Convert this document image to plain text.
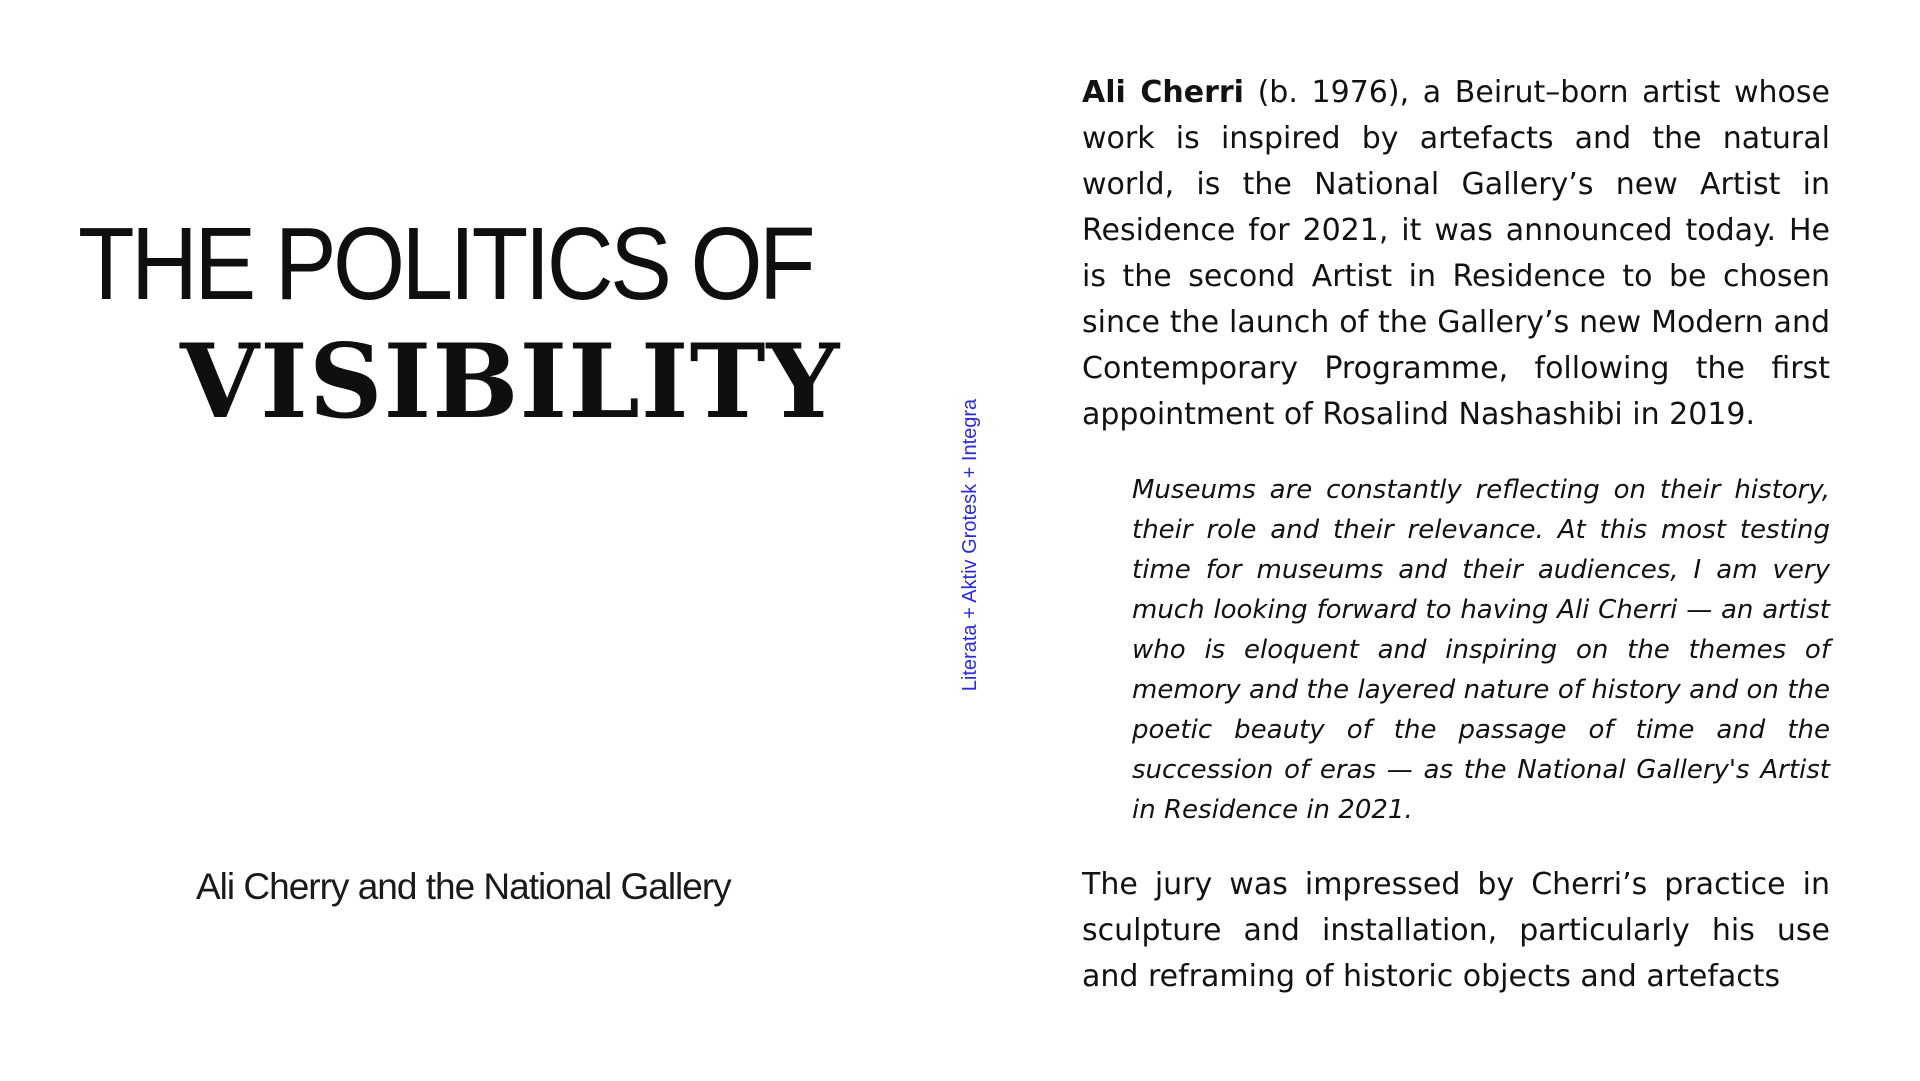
THE POLITICS OF
VISIBILITY
Ali Cherry and the National Gallery
Literata + Aktiv Grotesk + Integra

Ali Cherri (b. 1976), a Beirut–born artist whose work is inspired by artefacts and the natural world, is the National Gallery’s new Artist in Residence for 2021, it was announced today. He is the second Artist in Residence to be chosen since the launch of the Gallery’s new Modern and Contemporary Programme, following the first appointment of Rosalind Nashashibi in 2019.

Museums are constantly reflecting on their history, their role and their relevance. At this most testing time for museums and their audiences, I am very much looking forward to having Ali Cherri — an artist who is eloquent and inspiring on the themes of memory and the layered nature of history and on the poetic beauty of the passage of time and the succession of eras — as the National Gallery's Artist in Residence in 2021.

The jury was impressed by Cherri’s practice in sculpture and installation, particularly his use and reframing of historic objects and artefacts
